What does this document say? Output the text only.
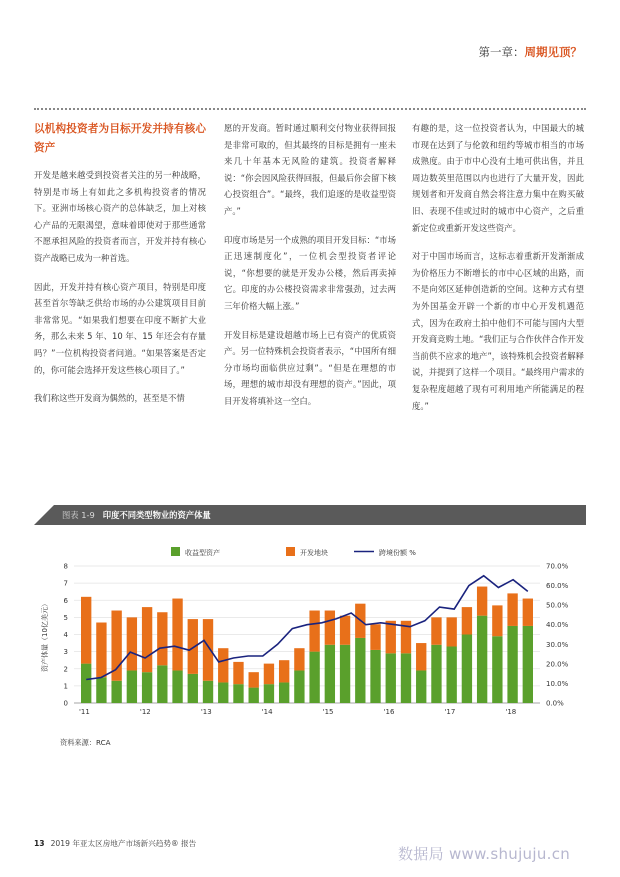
第一章：周期见顶？
以机构投资者为目标开发并持有核心资产

开发是越来越受到投资者关注的另一种战略，特别是市场上有如此之多机构投资者的情况下。亚洲市场核心资产的总体缺乏，加上对核心产品的无限渴望，意味着即使对于那些通常不愿承担风险的投资者而言，开发并持有核心资产战略已成为一种首选。

因此，开发并持有核心资产项目，特别是印度甚至首尔等缺乏供给市场的办公建筑项目目前非常常见。“如果我们想要在印度不断扩大业务，那么未来 5 年、10 年、15 年还会有存量吗？”一位机构投资者问道。“如果答案是否定的，你可能会选择开发这些核心项目了。”

我们称这些开发商为偶然的，甚至是不情

愿的开发商。暂时通过顺利交付物业获得回报是非常可取的，但其最终的目标是拥有一座未来几十年基本无风险的建筑。投资者解释说：“你会因风险获得回报，但最后你会留下核心投资组合”。“最终，我们追逐的是收益型资产。”

印度市场是另一个成熟的项目开发目标：“市场正迅速制度化”，一位机会型投资者评论说，“你想要的就是开发办公楼，然后再卖掉它。印度的办公楼投资需求非常强劲，过去两三年价格大幅上涨。”

开发目标是建设超越市场上已有资产的优质资产。另一位特殊机会投资者表示，“中国所有细分市场均面临供应过剩”。“但是在理想的市场，理想的城市却没有理想的资产。”因此，项目开发将填补这一空白。

有趣的是，这一位投资者认为，中国最大的城市现在达到了与伦敦和纽约等城市相当的市场成熟度。由于市中心没有土地可供出售，并且周边数英里范围以内也进行了大量开发，因此规划者和开发商自然会将注意力集中在购买破旧、表现不佳或过时的城市中心资产，之后重新定位或重新开发这些资产。

对于中国市场而言，这标志着重新开发渐渐成为价格压力不断增长的市中心区域的出路，而不是向郊区延伸创造新的空间。这种方式有望为外国基金开辟一个新的市中心开发机遇范式，因为在政府土拍中他们不可能与国内大型开发商竞购土地。“我们正与合作伙伴合作开发当前供不应求的地产”，该特殊机会投资者解释说，并提到了这样一个项目。“最终用户需求的复杂程度超越了现有可利用地产所能满足的程度。”

图表 1-9 印度不同类型物业的资产体量
收益型资产	开发地块	跨境份额 %
资产体量（10亿美元）
0
1
2
3
4
5
6
7
8
0.0%
10.0%
20.0%
30.0%
40.0%
50.0%
60.0%
70.0%
'11	'12	'13	'14	'15	'16	'17	'18
资料来源：RCA
13 2019 年亚太区房地产市场新兴趋势® 报告
数据局 www.shujuju.cn
